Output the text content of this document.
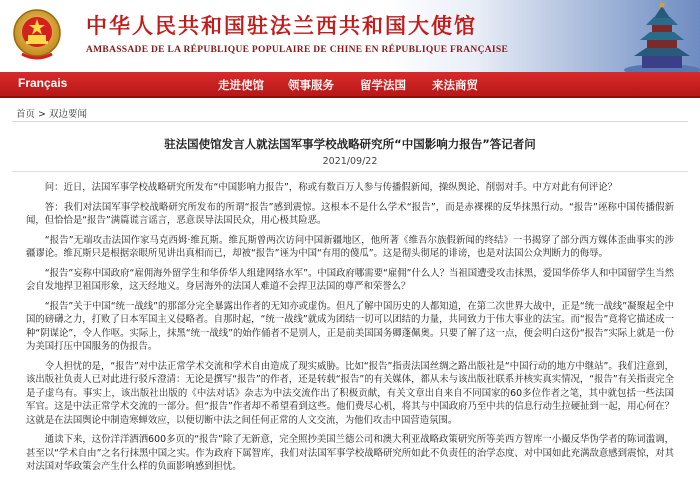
中华人民共和国驻法兰西共和国大使馆
AMBASSADE DE LA RÉPUBLIQUE POPULAIRE DE CHINE EN RÉPUBLIQUE FRANÇAISE
Français	走进使馆 领事服务 留学法国 来法商贸
首页 > 双边要闻
驻法国使馆发言人就法国军事学校战略研究所“中国影响力报告”答记者问
2021/09/22

问：近日，法国军事学校战略研究所发布“中国影响力报告”，称或有数百万人参与传播假新闻，操纵舆论、削弱对手。中方对此有何评论？

答：我们对法国军事学校战略研究所发布的所谓“报告”感到震惊。这根本不是什么学术“报告”，而是赤裸裸的反华抹黑行动。“报告”诬称中国传播假新闻，但恰恰是“报告”满篇谎言谣言，恶意误导法国民众，用心极其险恶。

“报告”无端攻击法国作家马克西姆·维瓦斯。维瓦斯曾两次访问中国新疆地区，他所著《维吾尔族假新闻的终结》一书揭穿了部分西方媒体歪曲事实的涉疆谬论。维瓦斯只是根据亲眼所见讲出真相而已，却被“报告”诬为中国“有用的傻瓜”。这是彻头彻尾的诽谤，也是对法国公众判断力的侮辱。

“报告”妄称中国政府“雇佣海外留学生和华侨华人组建网络水军”。中国政府哪需要“雇佣”什么人？当祖国遭受攻击抹黑，爱国华侨华人和中国留学生当然会自发地捍卫祖国形象，这天经地义。身居海外的法国人难道不会捍卫法国的尊严和荣誉么？

“报告”关于中国“统一战线”的那部分完全暴露出作者的无知亦或虚伪。但凡了解中国历史的人都知道，在第二次世界大战中，正是“统一战线”凝聚起全中国的磅礴之力，打败了日本军国主义侵略者。自那时起，“统一战线”就成为团结一切可以团结的力量，共同致力于伟大事业的法宝。而“报告”竟将它描述成一种“阴谋论”，令人作呕。实际上，抹黑“统一战线”的始作俑者不是别人，正是前美国国务卿蓬佩奥。只要了解了这一点，便会明白这份“报告”实际上就是一份为美国打压中国服务的伪报告。

令人担忧的是，“报告”对中法正常学术交流和学术自由造成了现实威胁。比如“报告”指责法国丝绸之路出版社是“中国行动的地方中继站”。我们注意到，该出版社负责人已对此进行驳斥澄清：无论是撰写“报告”的作者，还是转载“报告”的有关媒体，都从未与该出版社联系并核实真实情况，“报告”有关指责完全是子虚乌有。事实上，该出版社出版的《中法对话》杂志为中法交流作出了积极贡献，有关文章出自来自不同国家的60多位作者之笔，其中就包括一些法国军官。这是中法正常学术交流的一部分。但“报告”作者却不希望看到这些。他们费尽心机，将其与中国政府乃至中共的信息行动生拉硬扯到一起，用心何在？这就是在法国舆论中制造寒蝉效应，以便切断中法之间任何正常的人文交流，为他们攻击中国营造氛围。

通读下来，这份洋洋洒洒600多页的“报告”除了无新意，完全照抄美国兰德公司和澳大利亚战略政策研究所等美西方智库一小撮反华伪学者的陈词滥调，甚至以“学术自由”之名行抹黑中国之实。作为政府下属智库，我们对法国军事学校战略研究所如此不负责任的治学态度、对中国如此充满敌意感到震惊，对其对法国对华政策会产生什么样的负面影响感到担忧。
